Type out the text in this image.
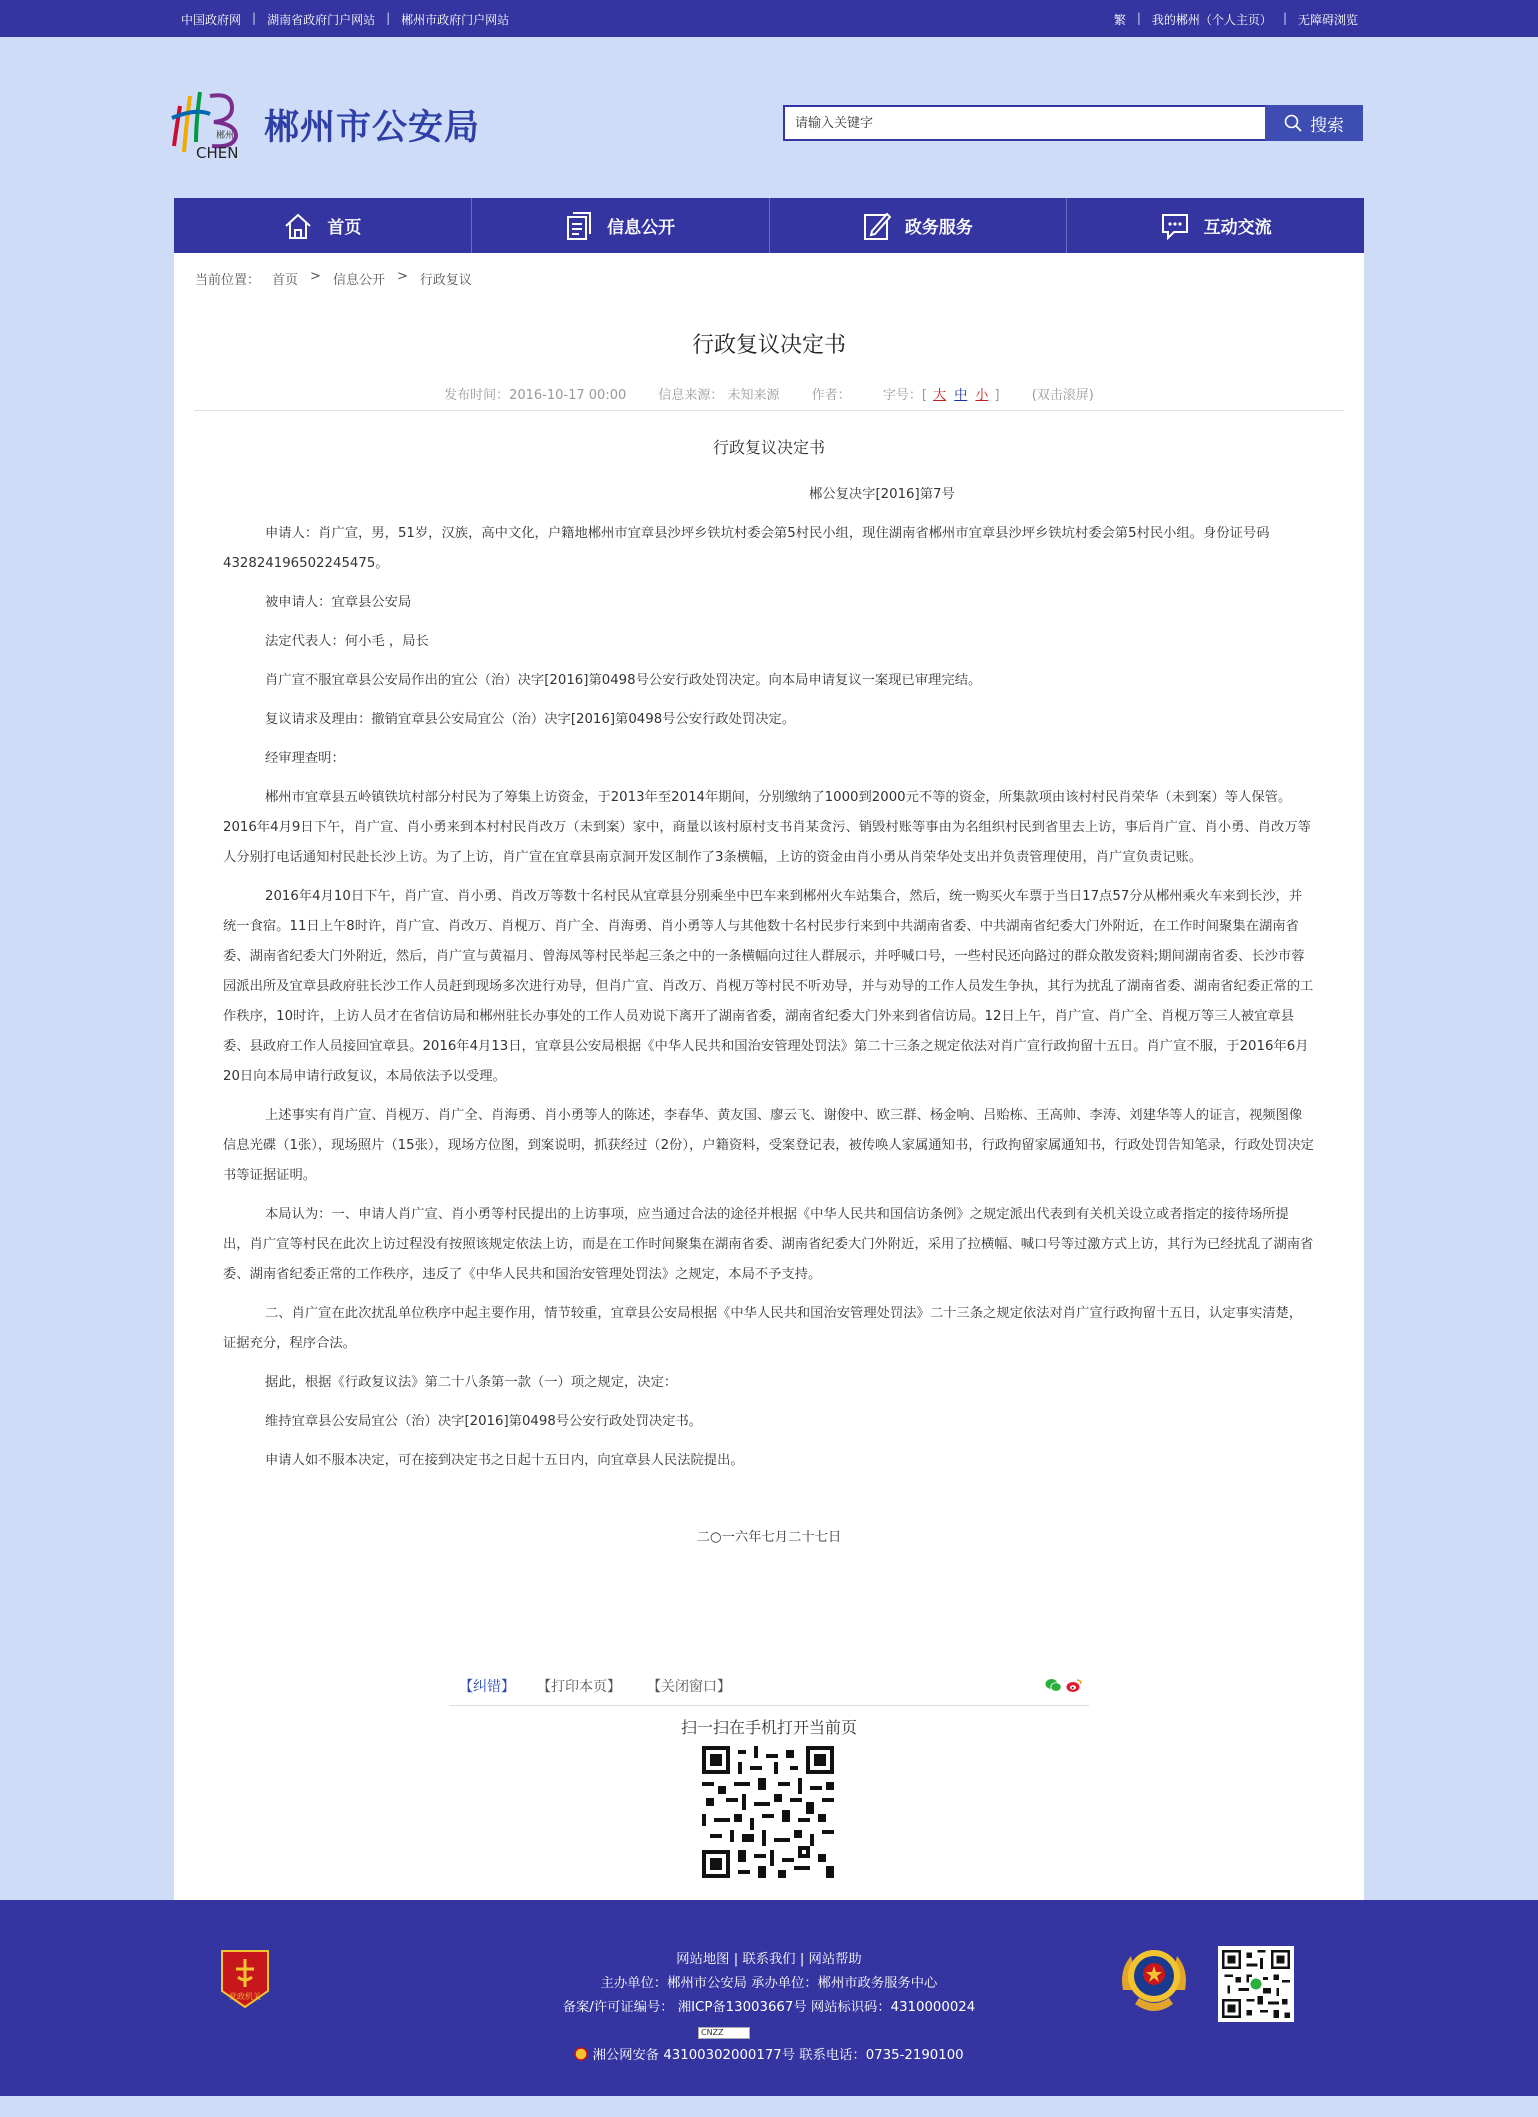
中国政府网 | 湖南省政府门户网站 | 郴州市政府门户网站	繁 | 我的郴州（个人主页） | 无障碍浏览
郴州
CHEN
郴州市公安局
请输入关键字	搜索
首页	信息公开	政务服务	互动交流
当前位置： 首页 > 信息公开 > 行政复议
行政复议决定书
发布时间：2016-10-17 00:00 信息来源： 未知来源 作者： 字号：[ 大 中 小 ] (双击滚屏)

行政复议决定书

郴公复决字[2016]第7号

申请人：肖广宣，男，51岁，汉族，高中文化，户籍地郴州市宜章县沙坪乡铁坑村委会第5村民小组，现住湖南省郴州市宜章县沙坪乡铁坑村委会第5村民小组。身份证号码 432824196502245475。

被申请人：宜章县公安局

法定代表人：何小毛 ，局长

肖广宣不服宜章县公安局作出的宜公（治）决字[2016]第0498号公安行政处罚决定。向本局申请复议一案现已审理完结。

复议请求及理由：撤销宜章县公安局宜公（治）决字[2016]第0498号公安行政处罚决定。

经审理查明：

郴州市宜章县五岭镇铁坑村部分村民为了筹集上访资金，于2013年至2014年期间，分别缴纳了1000到2000元不等的资金，所集款项由该村村民肖荣华（未到案）等人保管。2016年4月9日下午，肖广宣、肖小勇来到本村村民肖改万（未到案）家中，商量以该村原村支书肖某贪污、销毁村账等事由为名组织村民到省里去上访，事后肖广宣、肖小勇、肖改万等人分别打电话通知村民赴长沙上访。为了上访，肖广宣在宜章县南京洞开发区制作了3条横幅，上访的资金由肖小勇从肖荣华处支出并负责管理使用，肖广宣负责记账。

2016年4月10日下午，肖广宣、肖小勇、肖改万等数十名村民从宜章县分别乘坐中巴车来到郴州火车站集合，然后，统一购买火车票于当日17点57分从郴州乘火车来到长沙，并统一食宿。11日上午8时许，肖广宣、肖改万、肖枧万、肖广全、肖海勇、肖小勇等人与其他数十名村民步行来到中共湖南省委、中共湖南省纪委大门外附近，在工作时间聚集在湖南省委、湖南省纪委大门外附近，然后，肖广宣与黄福月、曾海凤等村民举起三条之中的一条横幅向过往人群展示，并呼喊口号，一些村民还向路过的群众散发资料;期间湖南省委、长沙市蓉园派出所及宜章县政府驻长沙工作人员赶到现场多次进行劝导，但肖广宣、肖改万、肖枧万等村民不听劝导，并与劝导的工作人员发生争执，其行为扰乱了湖南省委、湖南省纪委正常的工作秩序，10时许，上访人员才在省信访局和郴州驻长办事处的工作人员劝说下离开了湖南省委，湖南省纪委大门外来到省信访局。12日上午，肖广宣、肖广全、肖枧万等三人被宜章县委、县政府工作人员接回宜章县。2016年4月13日，宜章县公安局根据《中华人民共和国治安管理处罚法》第二十三条之规定依法对肖广宣行政拘留十五日。肖广宣不服，于2016年6月20日向本局申请行政复议，本局依法予以受理。

上述事实有肖广宣、肖枧万、肖广全、肖海勇、肖小勇等人的陈述，李春华、黄友国、廖云飞、谢俊中、欧三群、杨金响、吕贻栋、王高帅、李涛、刘建华等人的证言，视频图像信息光碟（1张），现场照片（15张），现场方位图，到案说明，抓获经过（2份），户籍资料，受案登记表，被传唤人家属通知书，行政拘留家属通知书，行政处罚告知笔录，行政处罚决定书等证据证明。

本局认为：一、申请人肖广宣、肖小勇等村民提出的上访事项，应当通过合法的途径并根据《中华人民共和国信访条例》之规定派出代表到有关机关设立或者指定的接待场所提出，肖广宣等村民在此次上访过程没有按照该规定依法上访，而是在工作时间聚集在湖南省委、湖南省纪委大门外附近，采用了拉横幅、喊口号等过激方式上访，其行为已经扰乱了湖南省委、湖南省纪委正常的工作秩序，违反了《中华人民共和国治安管理处罚法》之规定，本局不予支持。

二、肖广宣在此次扰乱单位秩序中起主要作用，情节较重，宜章县公安局根据《中华人民共和国治安管理处罚法》二十三条之规定依法对肖广宣行政拘留十五日，认定事实清楚，证据充分，程序合法。

据此，根据《行政复议法》第二十八条第一款（一）项之规定，决定：

维持宜章县公安局宜公（治）决字[2016]第0498号公安行政处罚决定书。

申请人如不服本决定，可在接到决定书之日起十五日内，向宜章县人民法院提出。

二○一六年七月二十七日

【纠错】 【打印本页】 【关闭窗口】
扫一扫在手机打开当前页
党政机关
网站地图 | 联系我们 | 网站帮助
主办单位：郴州市公安局 承办单位：郴州市政务服务中心
备案/许可证编号： 湘ICP备13003667号 网站标识码：4310000024
CNZZ
湘公网安备 43100302000177号 联系电话：0735-2190100
